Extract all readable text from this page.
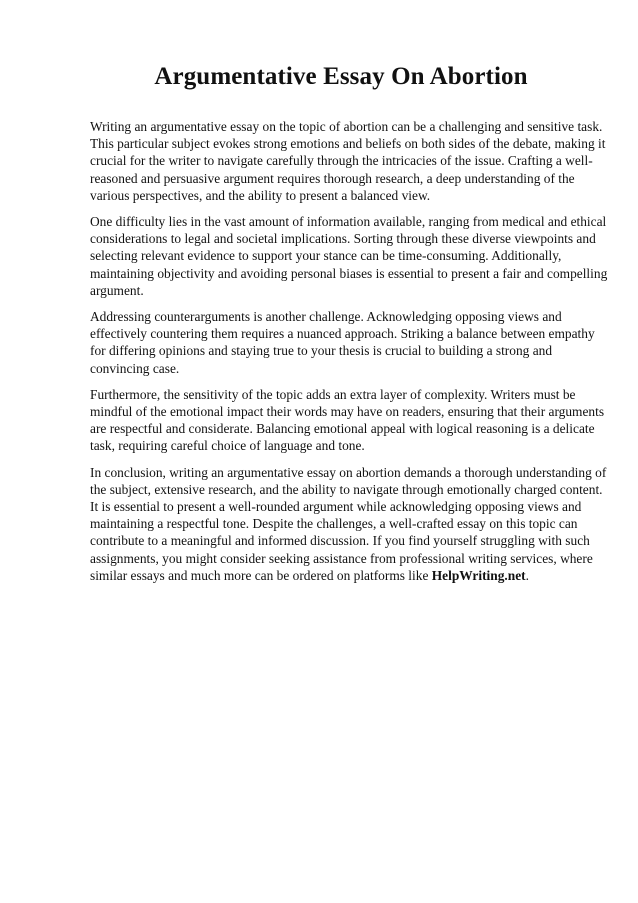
Argumentative Essay On Abortion

Writing an argumentative essay on the topic of abortion can be a challenging and sensitive task.
This particular subject evokes strong emotions and beliefs on both sides of the debate, making it
crucial for the writer to navigate carefully through the intricacies of the issue. Crafting a well-
reasoned and persuasive argument requires thorough research, a deep understanding of the
various perspectives, and the ability to present a balanced view.

One difficulty lies in the vast amount of information available, ranging from medical and ethical
considerations to legal and societal implications. Sorting through these diverse viewpoints and
selecting relevant evidence to support your stance can be time-consuming. Additionally,
maintaining objectivity and avoiding personal biases is essential to present a fair and compelling
argument.

Addressing counterarguments is another challenge. Acknowledging opposing views and
effectively countering them requires a nuanced approach. Striking a balance between empathy
for differing opinions and staying true to your thesis is crucial to building a strong and
convincing case.

Furthermore, the sensitivity of the topic adds an extra layer of complexity. Writers must be
mindful of the emotional impact their words may have on readers, ensuring that their arguments
are respectful and considerate. Balancing emotional appeal with logical reasoning is a delicate
task, requiring careful choice of language and tone.

In conclusion, writing an argumentative essay on abortion demands a thorough understanding of
the subject, extensive research, and the ability to navigate through emotionally charged content.
It is essential to present a well-rounded argument while acknowledging opposing views and
maintaining a respectful tone. Despite the challenges, a well-crafted essay on this topic can
contribute to a meaningful and informed discussion. If you find yourself struggling with such
assignments, you might consider seeking assistance from professional writing services, where
similar essays and much more can be ordered on platforms like HelpWriting.net.
